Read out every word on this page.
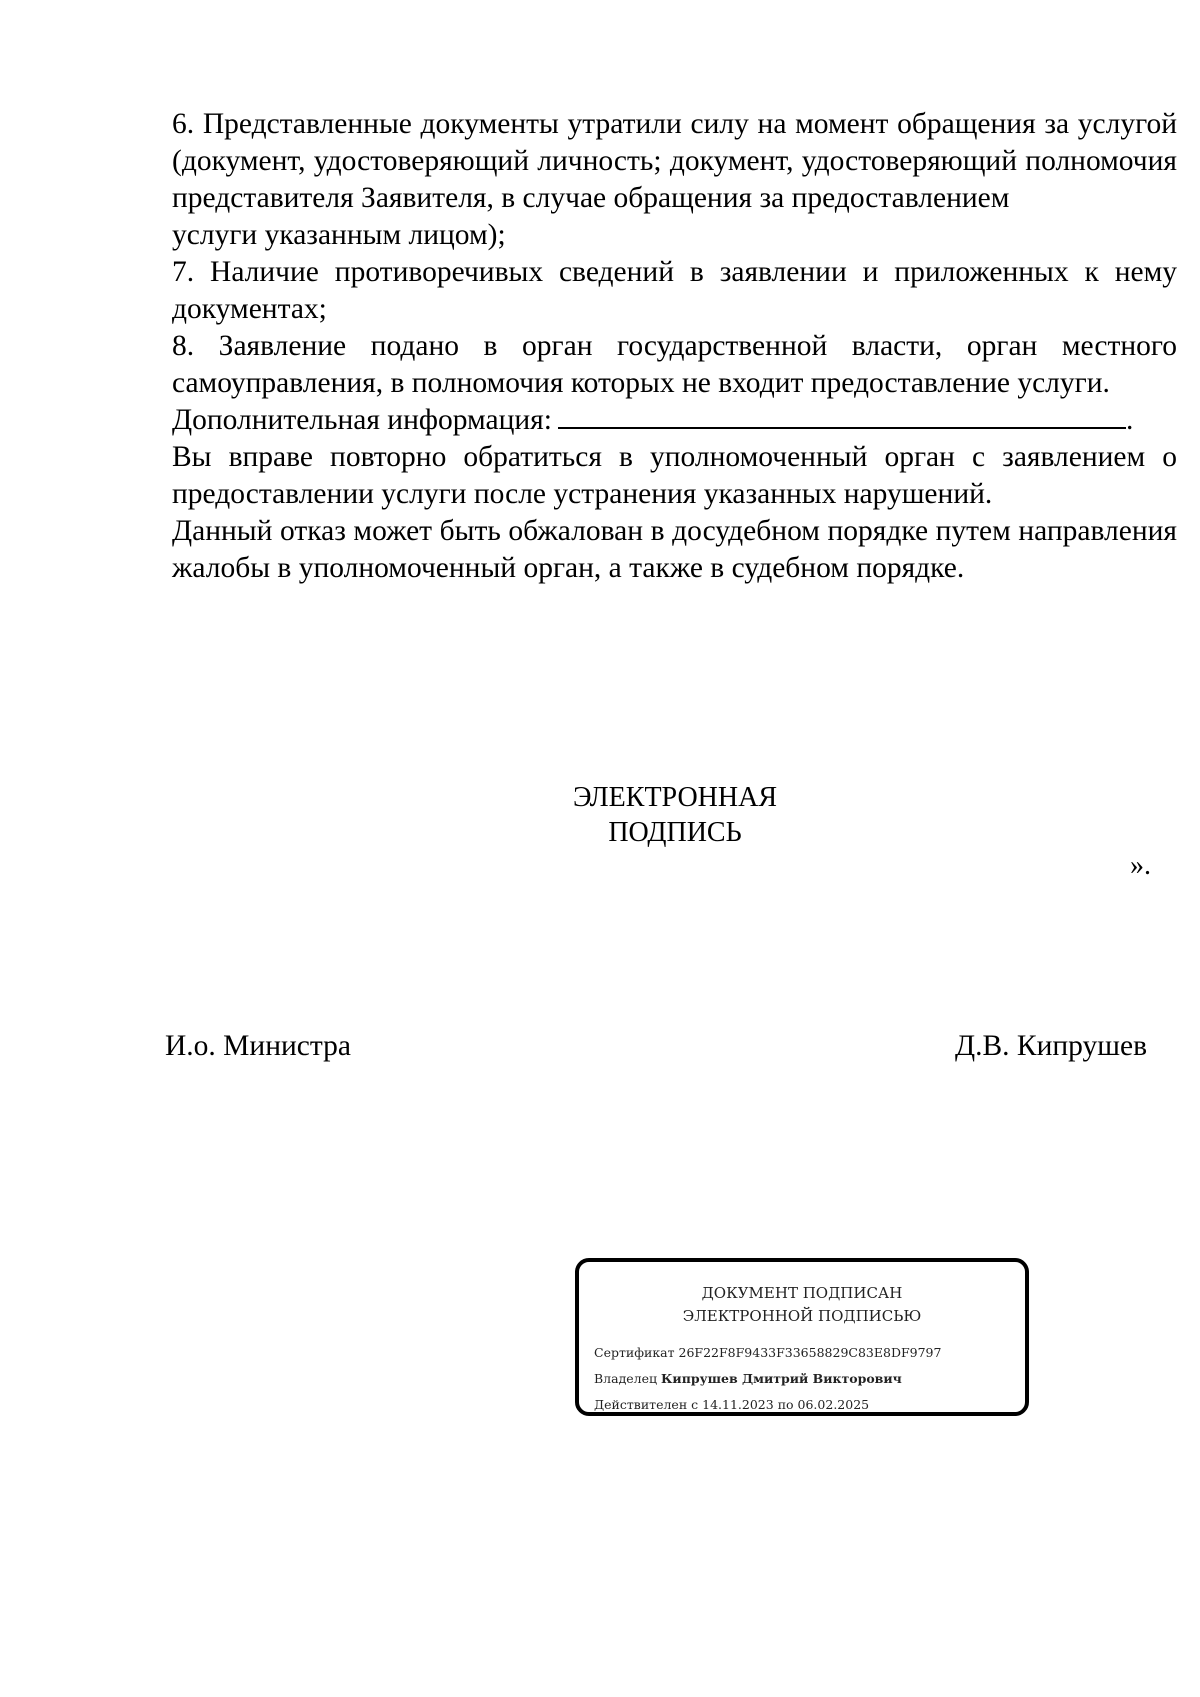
6. Представленные документы утратили силу на момент обращения за услугой (документ, удостоверяющий личность; документ, удостоверяющий полномочия представителя Заявителя, в случае обращения за предоставлением
услуги указанным лицом);

7. Наличие противоречивых сведений в заявлении и приложенных к нему документах;

8. Заявление подано в орган государственной власти, орган местного самоуправления, в полномочия которых не входит предоставление услуги.

Дополнительная информация:	.

Вы вправе повторно обратиться в уполномоченный орган с заявлением о предоставлении услуги после устранения указанных нарушений.

Данный отказ может быть обжалован в досудебном порядке путем направления жалобы в уполномоченный орган, а также в судебном порядке.

ЭЛЕКТРОННАЯ
ПОДПИСЬ
».
И.о. Министра	Д.В. Кипрушев
ДОКУМЕНТ ПОДПИСАН
ЭЛЕКТРОННОЙ ПОДПИСЬЮ
Сертификат 26F22F8F9433F33658829C83E8DF9797
Владелец Кипрушев Дмитрий Викторович
Действителен с 14.11.2023 по 06.02.2025
